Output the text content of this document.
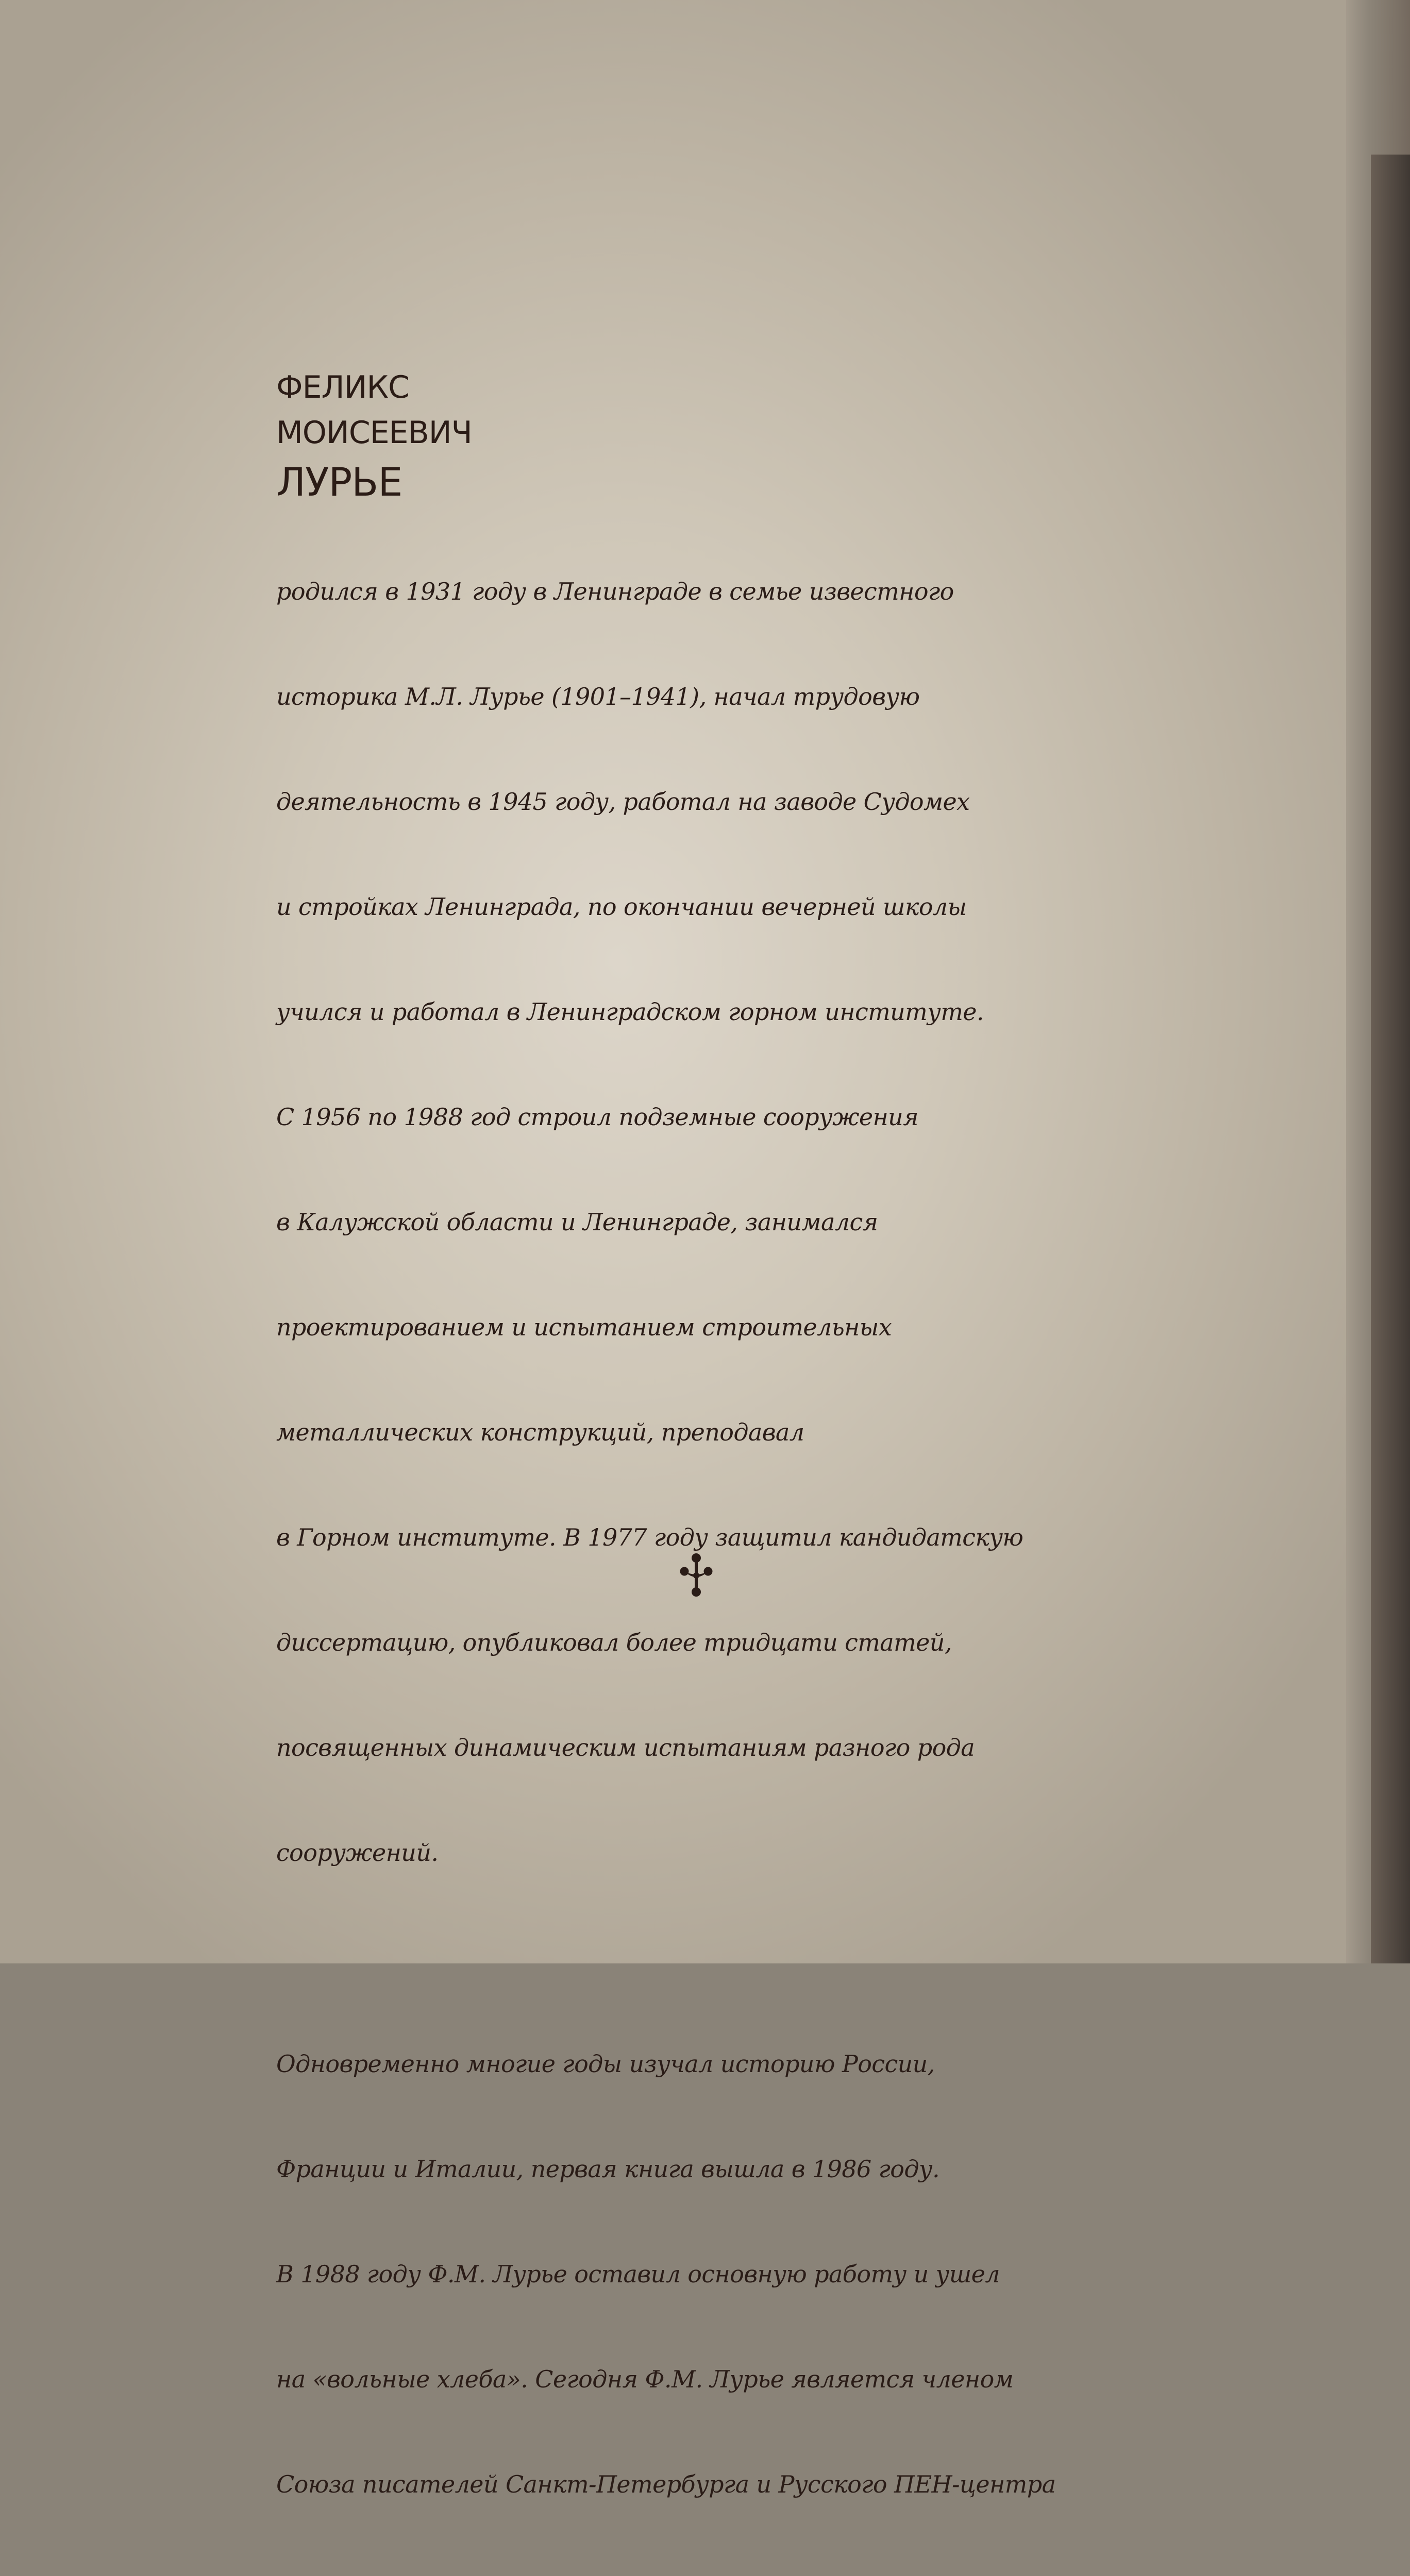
ФЕЛИКС

МОИСЕЕВИЧ

ЛУРЬЕ

родился в 1931 году в Ленинграде в семье известного

историка М.Л. Лурье (1901–1941), начал трудовую

деятельность в 1945 году, работал на заводе Судомех

и стройках Ленинграда, по окончании вечерней школы

учился и работал в Ленинградском горном институте.

С 1956 по 1988 год строил подземные сооружения

в Калужской области и Ленинграде, занимался

проектированием и испытанием строительных

металлических конструкций, преподавал

в Горном институте. В 1977 году защитил кандидатскую

диссертацию, опубликовал более тридцати статей,

посвященных динамическим испытаниям разного рода

сооружений.

Одновременно многие годы изучал историю России,

Франции и Италии, первая книга вышла в 1986 году.

В 1988 году Ф.М. Лурье оставил основную работу и ушел

на «вольные хлеба». Сегодня Ф.М. Лурье является членом

Союза писателей Санкт-Петербурга и Русского ПЕН-центра
